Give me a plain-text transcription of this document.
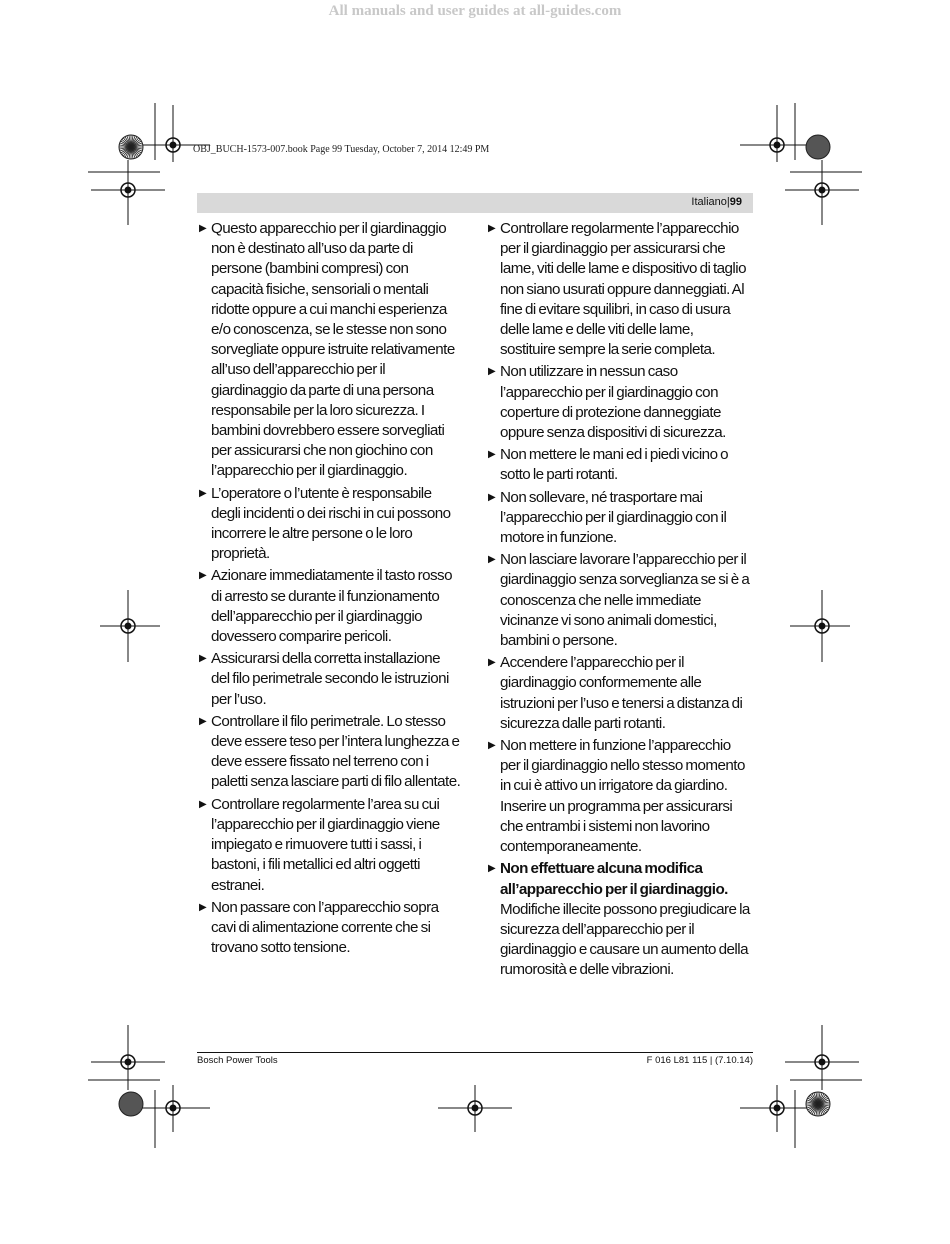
All manuals and user guides at all-guides.com
OBJ_BUCH-1573-007.book Page 99 Tuesday, October 7, 2014 12:49 PM
Italiano|99
▶ Questo apparecchio per il giardinaggio non è destinato all’uso da parte di persone (bambini compresi) con capacità fisiche, sensoriali o mentali ridotte oppure a cui manchi esperienza e/o conoscenza, se le stesse non sono sorvegliate oppure istruite relativamente all’uso dell’apparecchio per il giardinaggio da parte di una persona responsabile per la loro sicurezza. I bambini dovrebbero essere sorvegliati per assicurarsi che non giochino con l’apparecchio per il giardinaggio.
▶ L’operatore o l’utente è responsabile degli incidenti o dei rischi in cui possono incorrere le altre persone o le loro proprietà.
▶ Azionare immediatamente il tasto rosso di arresto se durante il funzionamento dell’apparecchio per il giardinaggio dovessero comparire pericoli.
▶ Assicurarsi della corretta installazione del filo perimetrale secondo le istruzioni per l’uso.
▶ Controllare il filo perimetrale. Lo stesso deve essere teso per l’intera lunghezza e deve essere fissato nel terreno con i paletti senza lasciare parti di filo allentate.
▶ Controllare regolarmente l’area su cui l’apparecchio per il giardinaggio viene impiegato e rimuovere tutti i sassi, i bastoni, i fili metallici ed altri oggetti estranei.
▶ Non passare con l’apparecchio sopra cavi di alimentazione corrente che si trovano sotto tensione.
▶ Controllare regolarmente l’apparecchio per il giardinaggio per assicurarsi che lame, viti delle lame e dispositivo di taglio non siano usurati oppure danneggiati. Al fine di evitare squilibri, in caso di usura delle lame e delle viti delle lame, sostituire sempre la serie completa.
▶ Non utilizzare in nessun caso l’apparecchio per il giardinaggio con coperture di protezione danneggiate oppure senza dispositivi di sicurezza.
▶ Non mettere le mani ed i piedi vicino o sotto le parti rotanti.
▶ Non sollevare, né trasportare mai l’apparecchio per il giardinaggio con il motore in funzione.
▶ Non lasciare lavorare l’apparecchio per il giardinaggio senza sorveglianza se si è a conoscenza che nelle immediate vicinanze vi sono animali domestici, bambini o persone.
▶ Accendere l’apparecchio per il giardinaggio conformemente alle istruzioni per l’uso e tenersi a distanza di sicurezza dalle parti rotanti.
▶ Non mettere in funzione l’apparecchio per il giardinaggio nello stesso momento in cui è attivo un irrigatore da giardino. Inserire un programma per assicurarsi che entrambi i sistemi non lavorino contemporaneamente.
▶ Non effettuare alcuna modifica all’apparecchio per il giardinaggio. Modifiche illecite possono pregiudicare la sicurezza dell’apparecchio per il giardinaggio e causare un aumento della rumorosità e delle vibrazioni.
Bosch Power Tools	F 016 L81 115 | (7.10.14)
